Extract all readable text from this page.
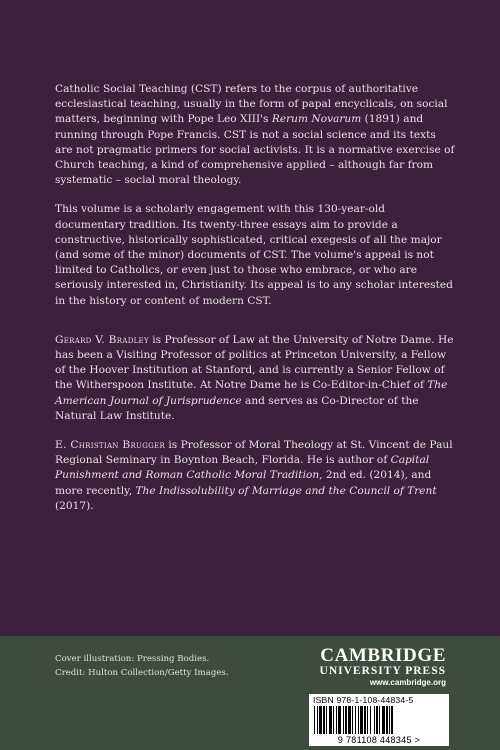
Catholic Social Teaching (CST) refers to the corpus of authoritative ecclesiastical teaching, usually in the form of papal encyclicals, on social matters, beginning with Pope Leo XIII's Rerum Novarum (1891) and running through Pope Francis. CST is not a social science and its texts are not pragmatic primers for social activists. It is a normative exercise of Church teaching, a kind of comprehensive applied – although far from systematic – social moral theology.

This volume is a scholarly engagement with this 130-year-old documentary tradition. Its twenty-three essays aim to provide a constructive, historically sophisticated, critical exegesis of all the major (and some of the minor) documents of CST. The volume's appeal is not limited to Catholics, or even just to those who embrace, or who are seriously interested in, Christianity. Its appeal is to any scholar interested in the history or content of modern CST.

Gerard V. Bradley is Professor of Law at the University of Notre Dame. He has been a Visiting Professor of politics at Princeton University, a Fellow of the Hoover Institution at Stanford, and is currently a Senior Fellow of the Witherspoon Institute. At Notre Dame he is Co-Editor-in-Chief of The American Journal of Jurisprudence and serves as Co-Director of the Natural Law Institute.

E. Christian Brugger is Professor of Moral Theology at St. Vincent de Paul Regional Seminary in Boynton Beach, Florida. He is author of Capital Punishment and Roman Catholic Moral Tradition, 2nd ed. (2014), and more recently, The Indissolubility of Marriage and the Council of Trent (2017).

Cover illustration: Pressing Bodies.
Credit: Hulton Collection/Getty Images.
CAMBRIDGE
UNIVERSITY PRESS
www.cambridge.org
ISBN 978-1-108-44834-5
9 781108 448345 >
